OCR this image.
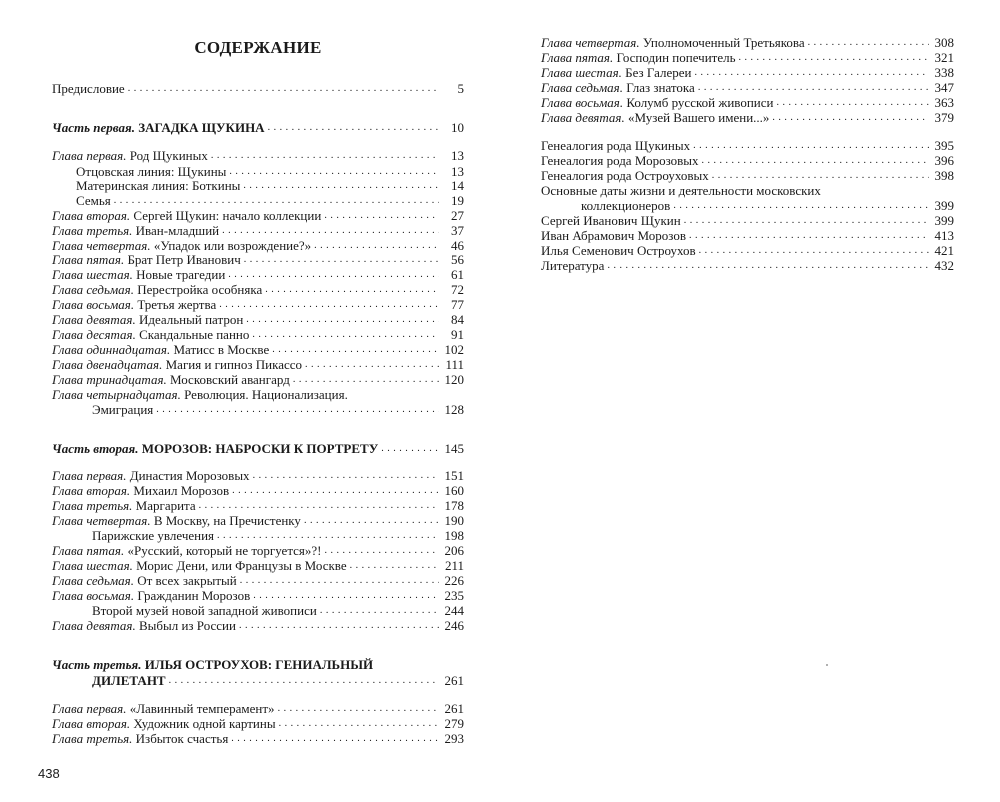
СОДЕРЖАНИЕ
Предисловие . . .	5
Часть первая. ЗАГАДКА ЩУКИНА . . .	10
Глава первая. Род Щукиных . . .	13
Отцовская линия: Щукины . . .	13
Материнская линия: Боткины . . .	14
Семья . . .	19
Глава вторая. Сергей Щукин: начало коллекции . . .	27
Глава третья. Иван-младший . . .	37
Глава четвертая. «Упадок или возрождение?» . . .	46
Глава пятая. Брат Петр Иванович . . .	56
Глава шестая. Новые трагедии . . .	61
Глава седьмая. Перестройка особняка . . .	72
Глава восьмая. Третья жертва . . .	77
Глава девятая. Идеальный патрон . . .	84
Глава десятая. Скандальные панно . . .	91
Глава одиннадцатая. Матисс в Москве . . .	102
Глава двенадцатая. Магия и гипноз Пикассо . . .	111
Глава тринадцатая. Московский авангард . . .	120
Глава четырнадцатая. Революция. Национализация.
Эмиграция . . .	128
Часть вторая. МОРОЗОВ: НАБРОСКИ К ПОРТРЕТУ . . .	145
Глава первая. Династия Морозовых . . .	151
Глава вторая. Михаил Морозов . . .	160
Глава третья. Маргарита . . .	178
Глава четвертая. В Москву, на Пречистенку . . .	190
Парижские увлечения . . .	198
Глава пятая. «Русский, который не торгуется»?! . . .	206
Глава шестая. Морис Дени, или Французы в Москве . . .	211
Глава седьмая. От всех закрытый . . .	226
Глава восьмая. Гражданин Морозов . . .	235
Второй музей новой западной живописи . . .	244
Глава девятая. Выбыл из России . . .	246
Часть третья. ИЛЬЯ ОСТРОУХОВ: ГЕНИАЛЬНЫЙ
ДИЛЕТАНТ . . .	261
Глава первая. «Лавинный темперамент» . . .	261
Глава вторая. Художник одной картины . . .	279
Глава третья. Избыток счастья . . .	293
Глава четвертая. Уполномоченный Третьякова . . .	308
Глава пятая. Господин попечитель . . .	321
Глава шестая. Без Галереи . . .	338
Глава седьмая. Глаз знатока . . .	347
Глава восьмая. Колумб русской живописи . . .	363
Глава девятая. «Музей Вашего имени...» . . .	379
Генеалогия рода Щукиных . . .	395
Генеалогия рода Морозовых . . .	396
Генеалогия рода Остроуховых . . .	398
Основные даты жизни и деятельности московских
коллекционеров . . .	399
Сергей Иванович Щукин . . .	399
Иван Абрамович Морозов . . .	413
Илья Семенович Остроухов . . .	421
Литература . . .	432
438
